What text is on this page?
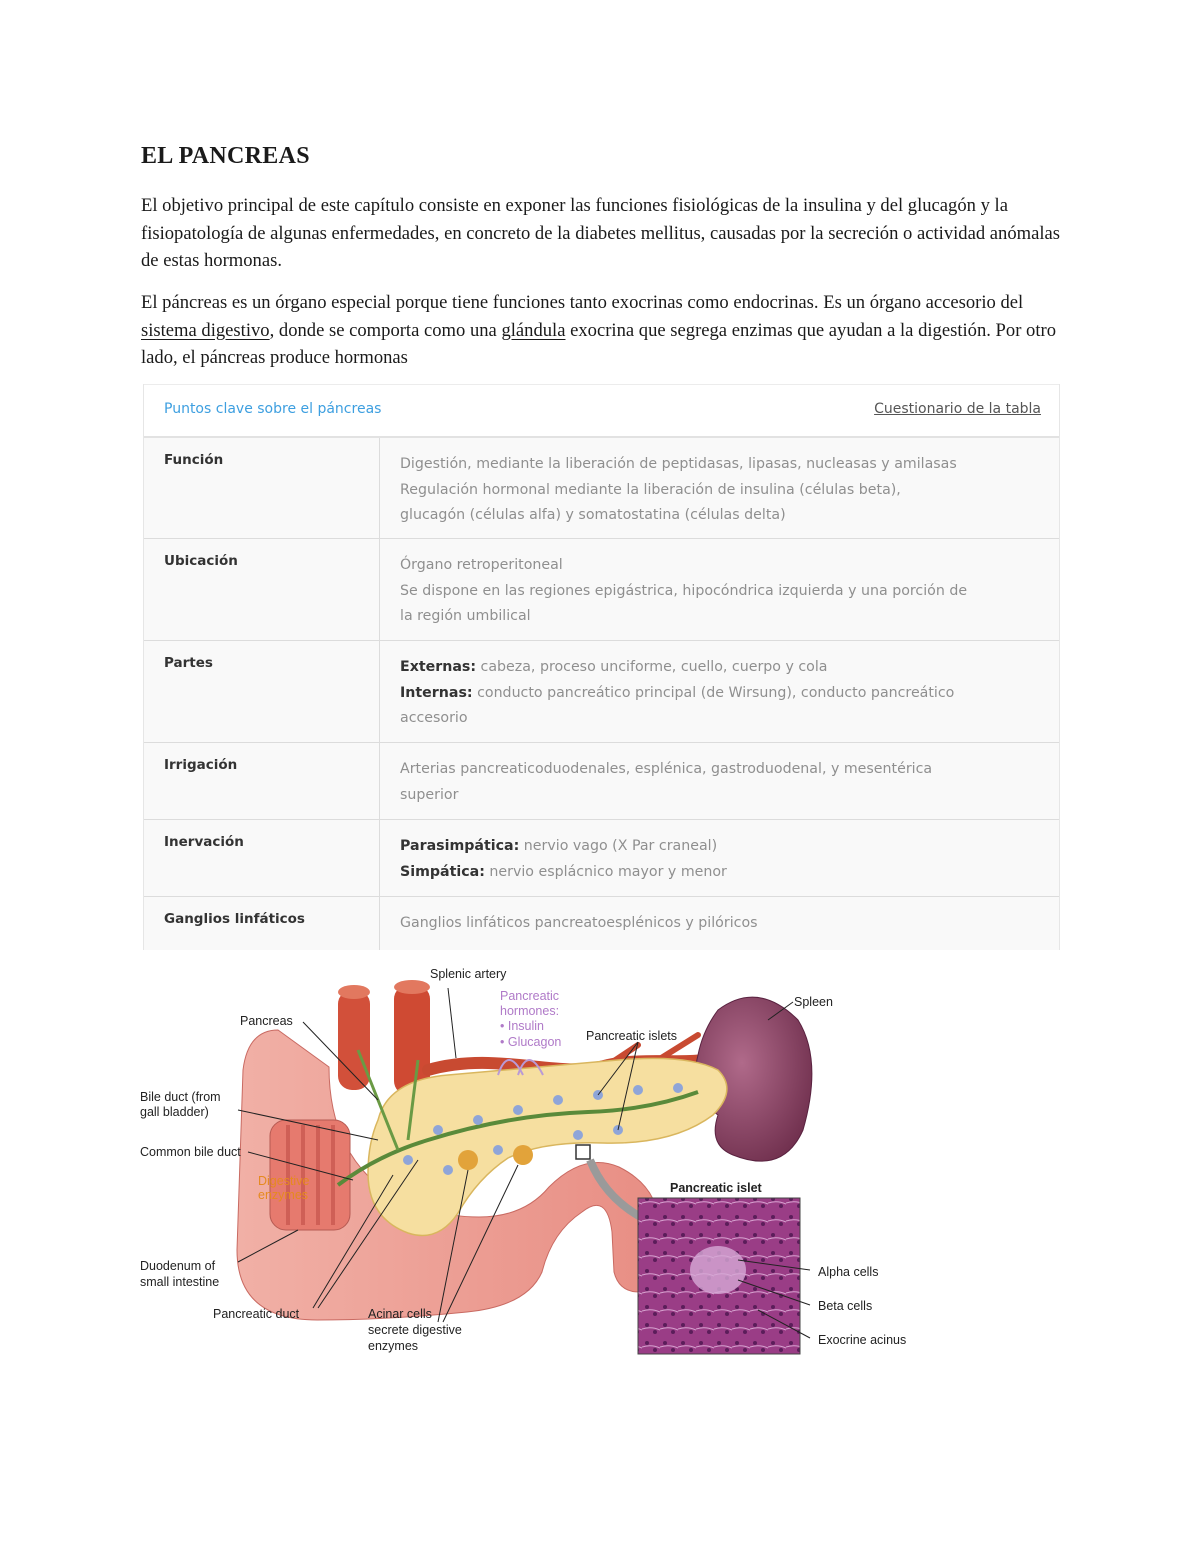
EL PANCREAS

El objetivo principal de este capítulo consiste en exponer las funciones fisiológicas de la insulina y del glucagón y la fisiopatología de algunas enfermedades, en concreto de la diabetes mellitus, causadas por la secreción o actividad anómalas de estas hormonas.

El páncreas es un órgano especial porque tiene funciones tanto exocrinas como endocrinas. Es un órgano accesorio del sistema digestivo, donde se comporta como una glándula exocrina que segrega enzimas que ayudan a la digestión. Por otro lado, el páncreas produce hormonas

Puntos clave sobre el páncreas	Cuestionario de la tabla
Función	Digestión, mediante la liberación de peptidasas, lipasas, nucleasas y amilasas
Regulación hormonal mediante la liberación de insulina (células beta),
glucagón (células alfa) y somatostatina (células delta)
Ubicación	Órgano retroperitoneal
Se dispone en las regiones epigástrica, hipocóndrica izquierda y una porción de
la región umbilical
Partes	Externas: cabeza, proceso unciforme, cuello, cuerpo y cola
Internas: conducto pancreático principal (de Wirsung), conducto pancreático
accesorio
Irrigación	Arterias pancreaticoduodenales, esplénica, gastroduodenal, y mesentérica
superior
Inervación	Parasimpática: nervio vago (X Par craneal)
Simpática: nervio esplácnico mayor y menor
Ganglios linfáticos	Ganglios linfáticos pancreatoesplénicos y pilóricos
Splenic artery
Pancreatic
hormones:
• Insulin
• Glucagon
Spleen
Pancreas
Pancreatic islets
Bile duct (from
gall bladder)
Common bile duct
Digestive
enzymes
Duodenum of
small intestine
Pancreatic duct	Acinar cells
secrete digestive
enzymes
Pancreatic islet
Alpha cells
Beta cells
Exocrine acinus
